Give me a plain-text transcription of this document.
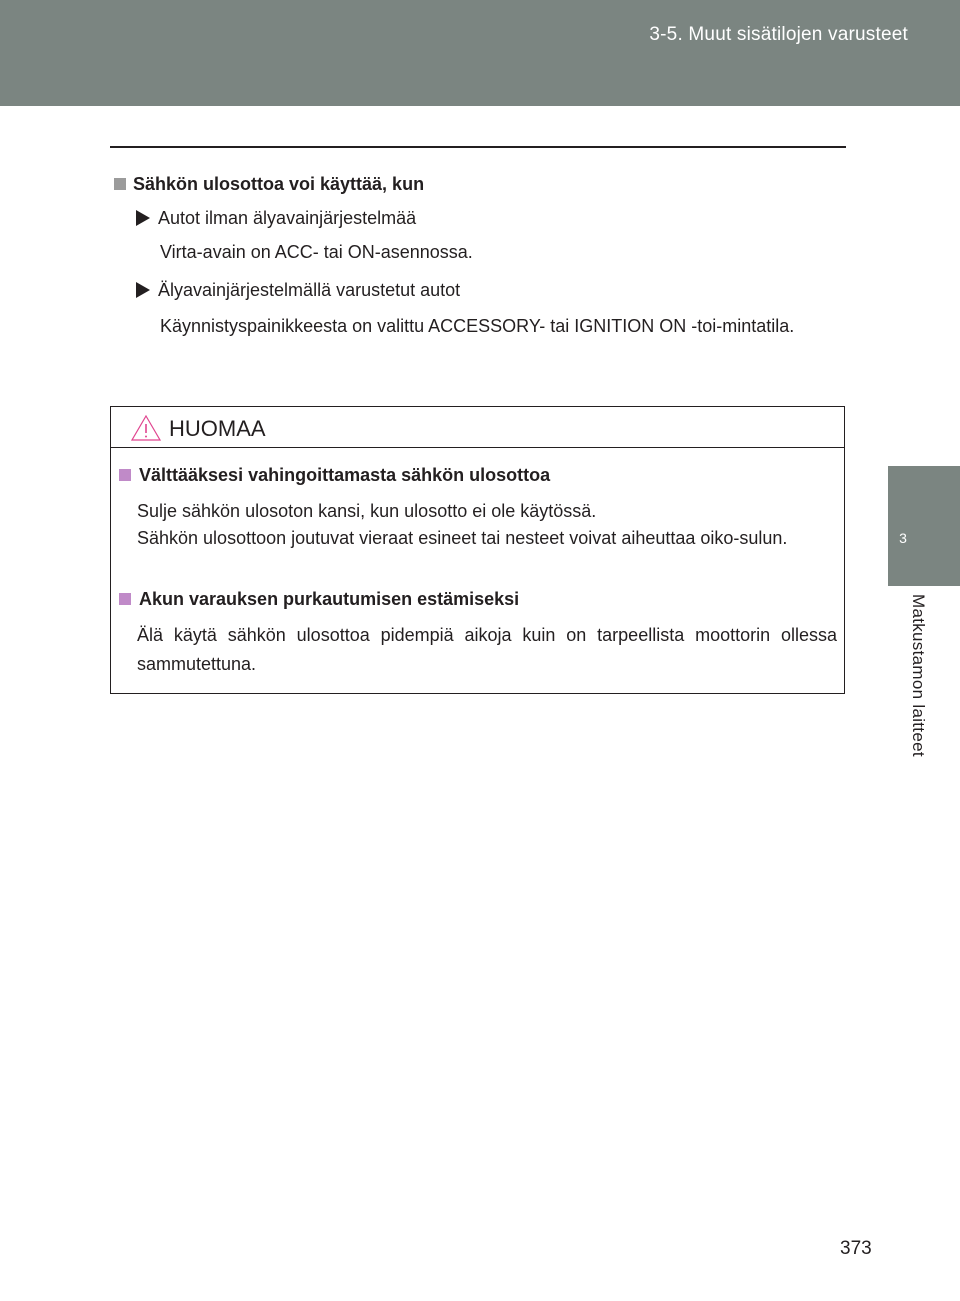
3-5. Muut sisätilojen varusteet
3
Matkustamon laitteet
Sähkön ulosottoa voi käyttää, kun
Autot ilman älyavainjärjestelmää
Virta-avain on ACC- tai ON-asennossa.
Älyavainjärjestelmällä varustetut autot
Käynnistyspainikkeesta on valittu ACCESSORY- tai IGNITION ON -toi-mintatila.
HUOMAA
Välttääksesi vahingoittamasta sähkön ulosottoa
Sulje sähkön ulosoton kansi, kun ulosotto ei ole käytössä.
Sähkön ulosottoon joutuvat vieraat esineet tai nesteet voivat aiheuttaa oiko-sulun.
Akun varauksen purkautumisen estämiseksi
Älä käytä sähkön ulosottoa pidempiä aikoja kuin on tarpeellista moottorin ollessa sammutettuna.
373
